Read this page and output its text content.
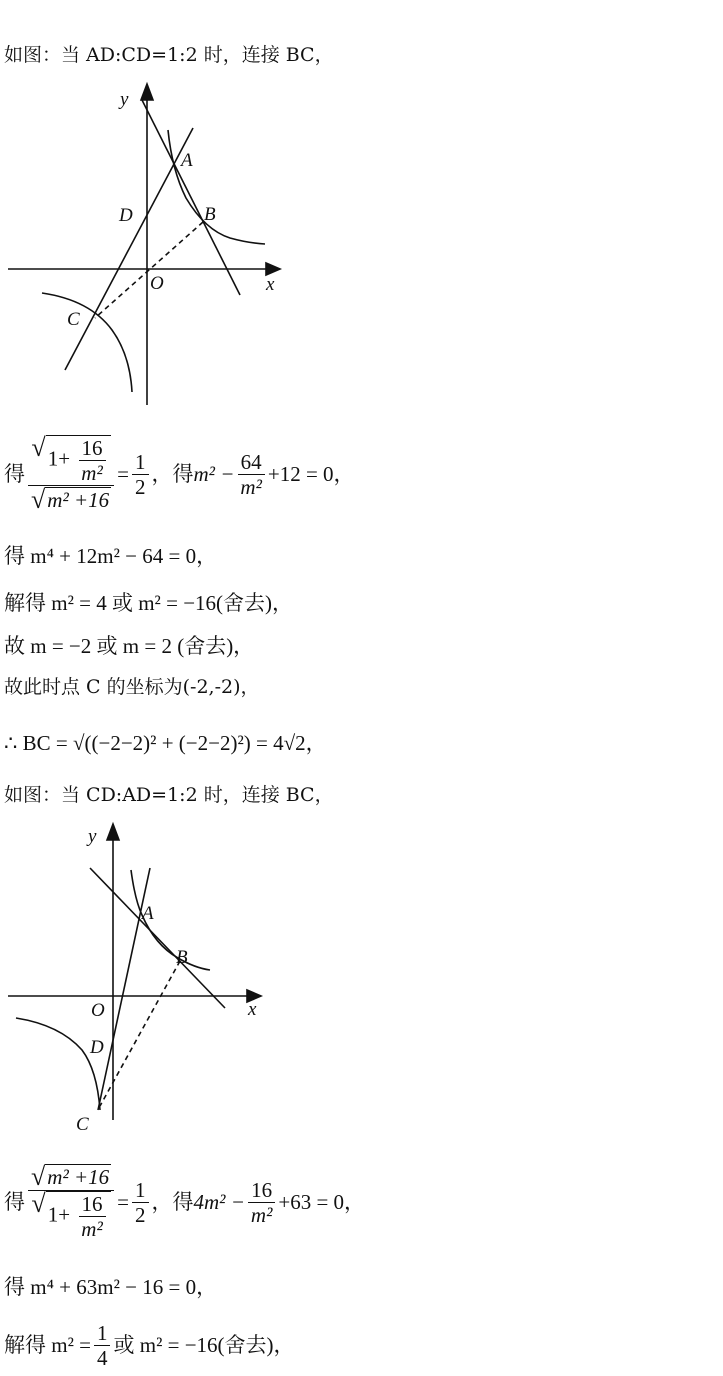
如图：当 AD:CD=1:2 时，连接 BC，
y
x
A
B
D
O
C
得 $\frac{√ 1+ \frac{16}{\text{m²}}}{\text{√ m² +16}} = \frac{1}{2}$ ，得 $m^2 - \frac{64}{\text{m²}} +12 = 0$，
得 m⁴ + 12m² − 64 = 0，
解得 m² = 4 或 m² = −16(舍去)，
故 m = −2 或 m = 2 (舍去)，
故此时点 C 的坐标为(-2,-2)，
∴ BC = √((−2−2)² + (−2−2)²) = 4√2，
如图：当 CD:AD=1:2 时，连接 BC，
y
x
A
B
O
D
C
得 $\frac{\text{√ m² +16}}{√ 1+ \frac{16}{\text{m²}}} = \frac{1}{2}$ ，得 $4m^2 - \frac{16}{\text{m²}} +63 = 0$，
得 m⁴ + 63m² − 16 = 0，
解得 $m^2 = \frac{1}{4}$ 或 m² = −16(舍去)，
